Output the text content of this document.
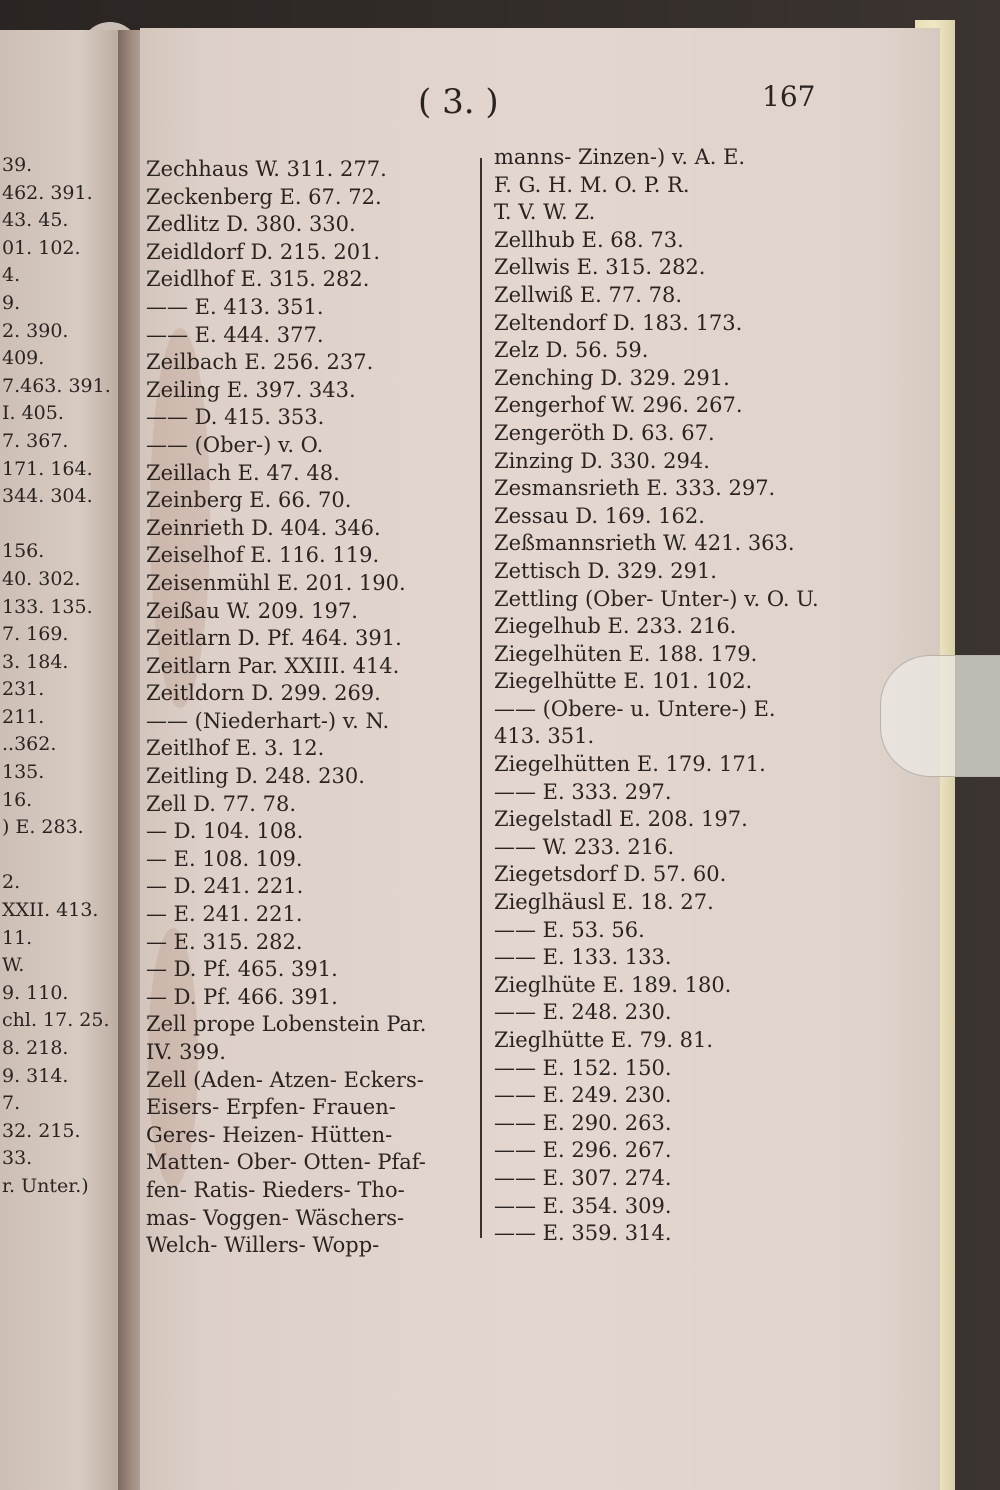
39.
462. 391.
43. 45.
01. 102.
4.
9.
2. 390.
409.
7.463. 391.
I. 405.
7. 367.
171. 164.
344. 304.
156.
40. 302.
133. 135.
7. 169.
3. 184.
231.
211.
..362.
135.
16.
) E. 283.
2.
XXII. 413.
11.
W.
9. 110.
chl. 17. 25.
8. 218.
9. 314.
7.
32. 215.
33.
r. Unter.)
( 3. )	167
Zechhaus W. 311. 277.
Zeckenberg E. 67. 72.
Zedlitz D. 380. 330.
Zeidldorf D. 215. 201.
Zeidlhof E. 315. 282.
—— E. 413. 351.
—— E. 444. 377.
Zeilbach E. 256. 237.
Zeiling E. 397. 343.
—— D. 415. 353.
—— (Ober-) v. O.
Zeillach E. 47. 48.
Zeinberg E. 66. 70.
Zeinrieth D. 404. 346.
Zeiselhof E. 116. 119.
Zeisenmühl E. 201. 190.
Zeißau W. 209. 197.
Zeitlarn D. Pf. 464. 391.
Zeitlarn Par. XXIII. 414.
Zeitldorn D. 299. 269.
—— (Niederhart-) v. N.
Zeitlhof E. 3. 12.
Zeitling D. 248. 230.
Zell D. 77. 78.
— D. 104. 108.
— E. 108. 109.
— D. 241. 221.
— E. 241. 221.
— E. 315. 282.
— D. Pf. 465. 391.
— D. Pf. 466. 391.
Zell prope Lobenstein Par.
IV. 399.
Zell (Aden- Atzen- Eckers-
Eisers- Erpfen- Frauen-
Geres- Heizen- Hütten-
Matten- Ober- Otten- Pfaf-
fen- Ratis- Rieders- Tho-
mas- Voggen- Wäschers-
Welch- Willers- Wopp-
manns- Zinzen-) v. A. E.
F. G. H. M. O. P. R.
T. V. W. Z.
Zellhub E. 68. 73.
Zellwis E. 315. 282.
Zellwiß E. 77. 78.
Zeltendorf D. 183. 173.
Zelz D. 56. 59.
Zenching D. 329. 291.
Zengerhof W. 296. 267.
Zengeröth D. 63. 67.
Zinzing D. 330. 294.
Zesmansrieth E. 333. 297.
Zessau D. 169. 162.
Zeßmannsrieth W. 421. 363.
Zettisch D. 329. 291.
Zettling (Ober- Unter-) v. O. U.
Ziegelhub E. 233. 216.
Ziegelhüten E. 188. 179.
Ziegelhütte E. 101. 102.
—— (Obere- u. Untere-) E.
413. 351.
Ziegelhütten E. 179. 171.
—— E. 333. 297.
Ziegelstadl E. 208. 197.
—— W. 233. 216.
Ziegetsdorf D. 57. 60.
Zieglhäusl E. 18. 27.
—— E. 53. 56.
—— E. 133. 133.
Zieglhüte E. 189. 180.
—— E. 248. 230.
Zieglhütte E. 79. 81.
—— E. 152. 150.
—— E. 249. 230.
—— E. 290. 263.
—— E. 296. 267.
—— E. 307. 274.
—— E. 354. 309.
—— E. 359. 314.
